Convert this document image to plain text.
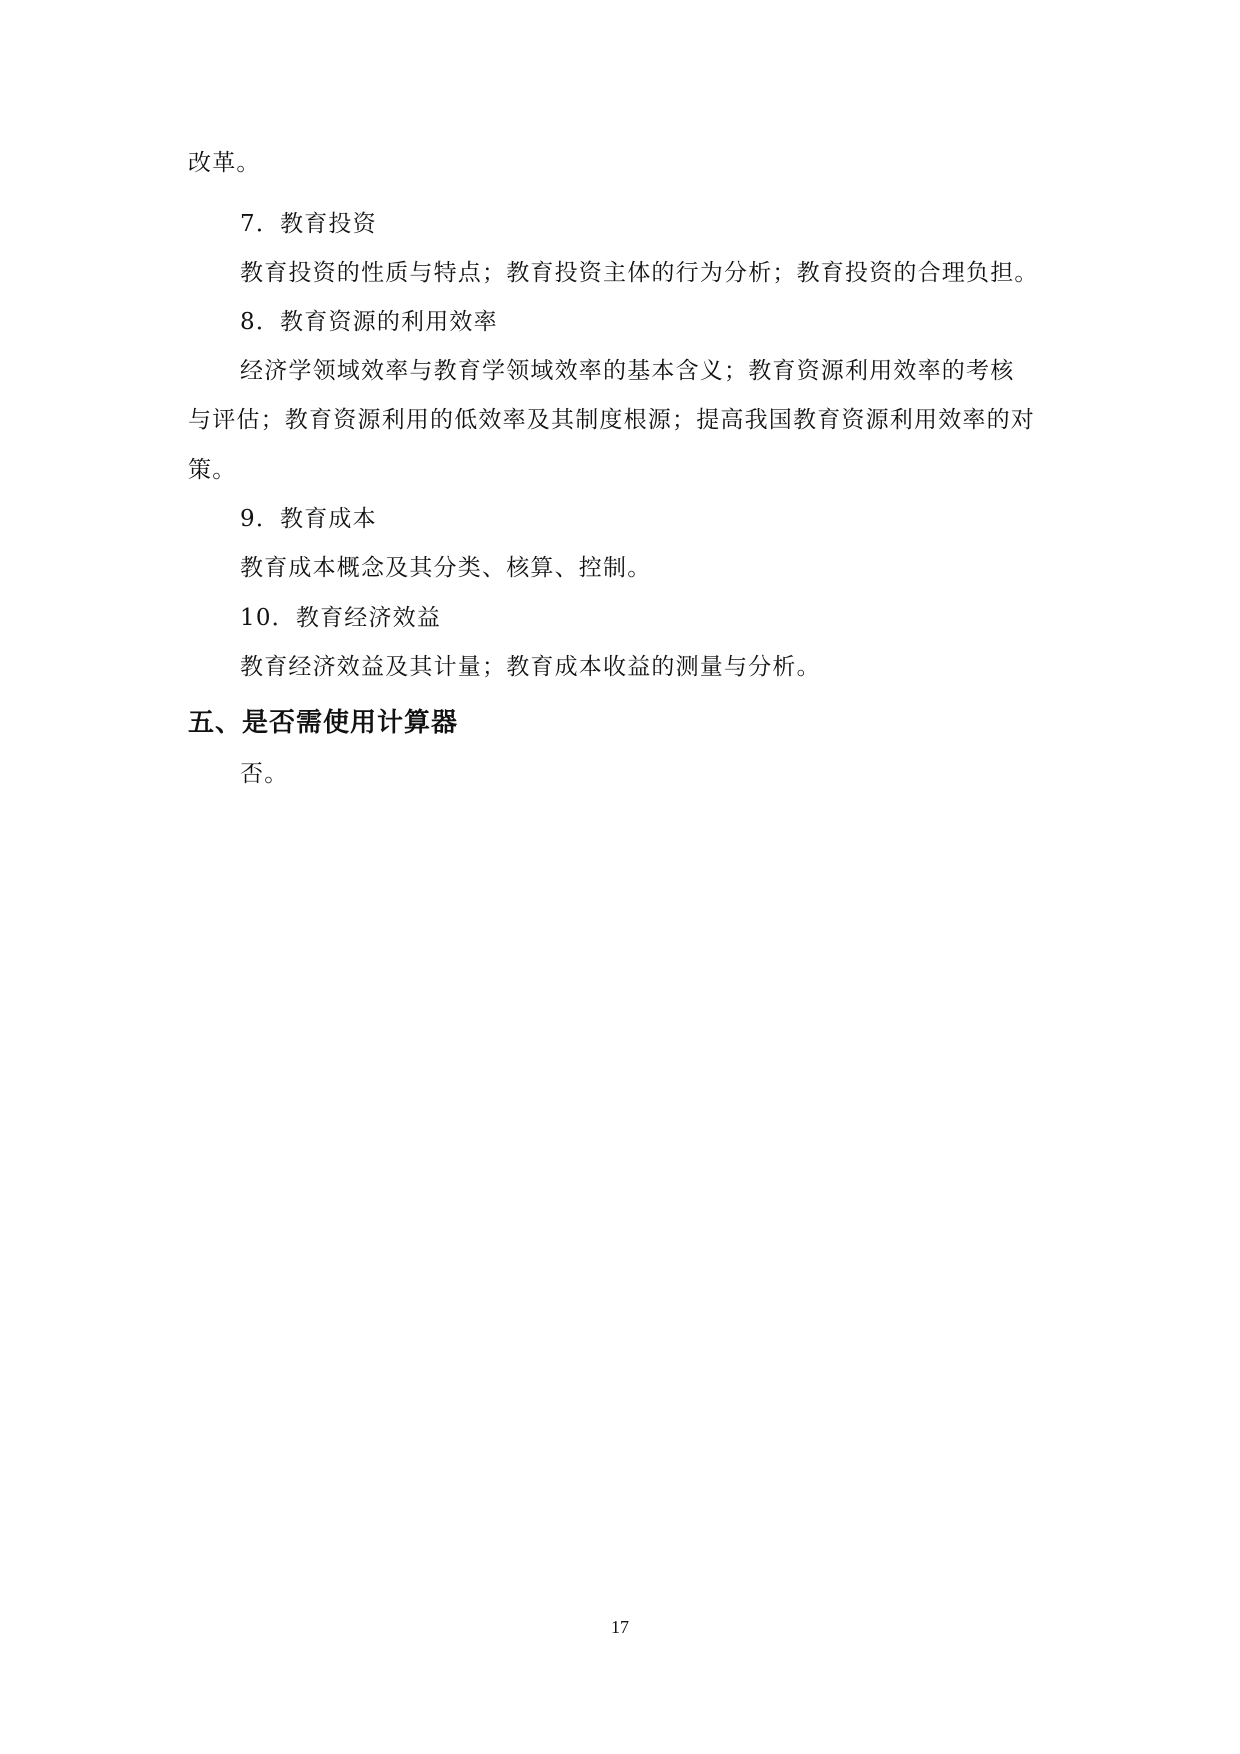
改革。
7．教育投资
教育投资的性质与特点；教育投资主体的行为分析；教育投资的合理负担。
8．教育资源的利用效率
经济学领域效率与教育学领域效率的基本含义；教育资源利用效率的考核
与评估；教育资源利用的低效率及其制度根源；提高我国教育资源利用效率的对
策。
9．教育成本
教育成本概念及其分类、核算、控制。
10．教育经济效益
教育经济效益及其计量；教育成本收益的测量与分析。
五、是否需使用计算器
否。
17
